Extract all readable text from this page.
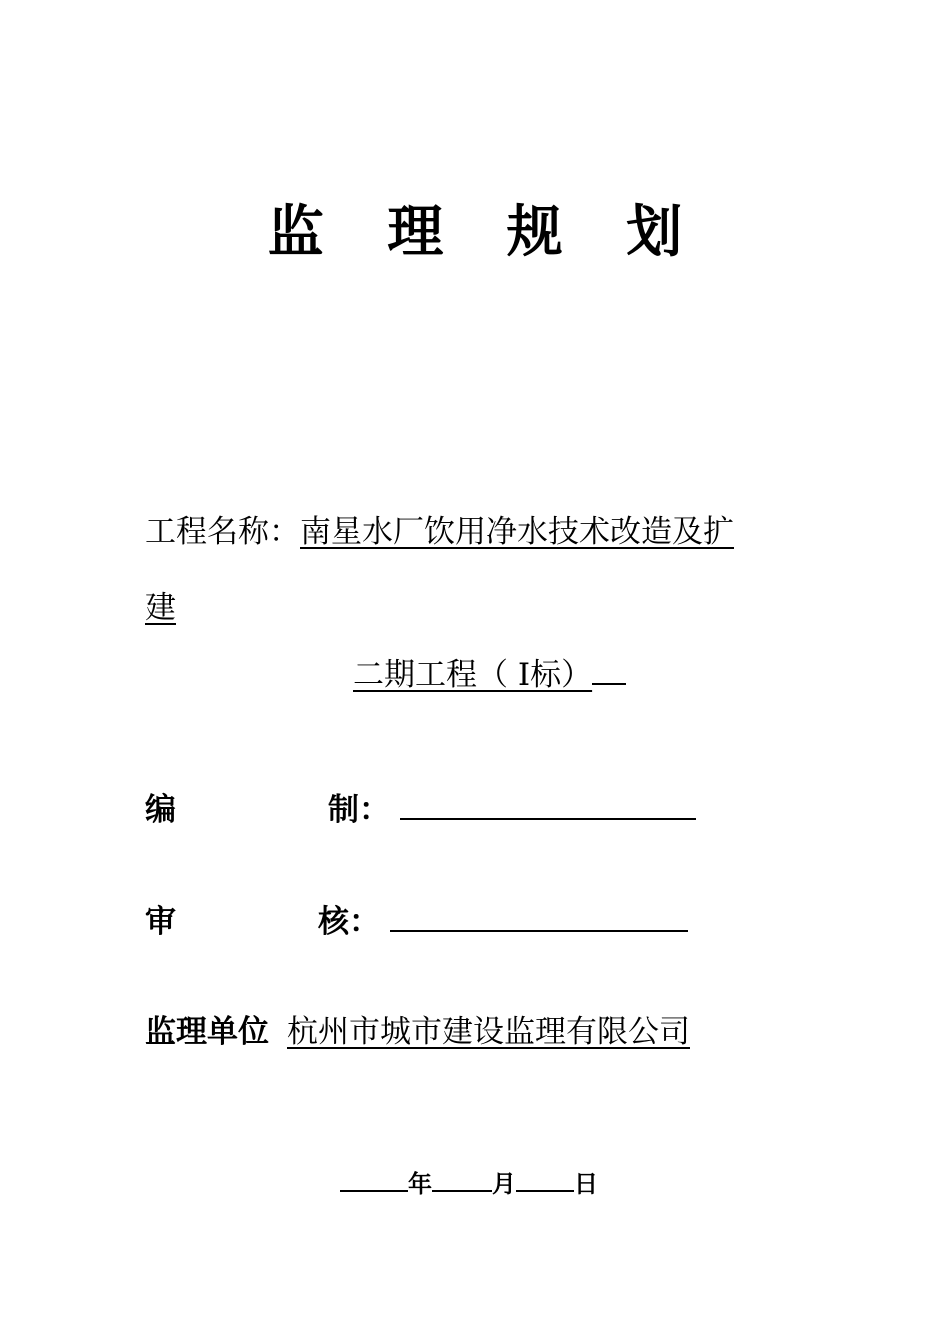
监 理 规 划
工程名称：南星水厂饮用净水技术改造及扩
建
二期工程（ Ⅰ标）
编	制：
审	核：
监理单位 杭州市城市建设监理有限公司
年	月 日
